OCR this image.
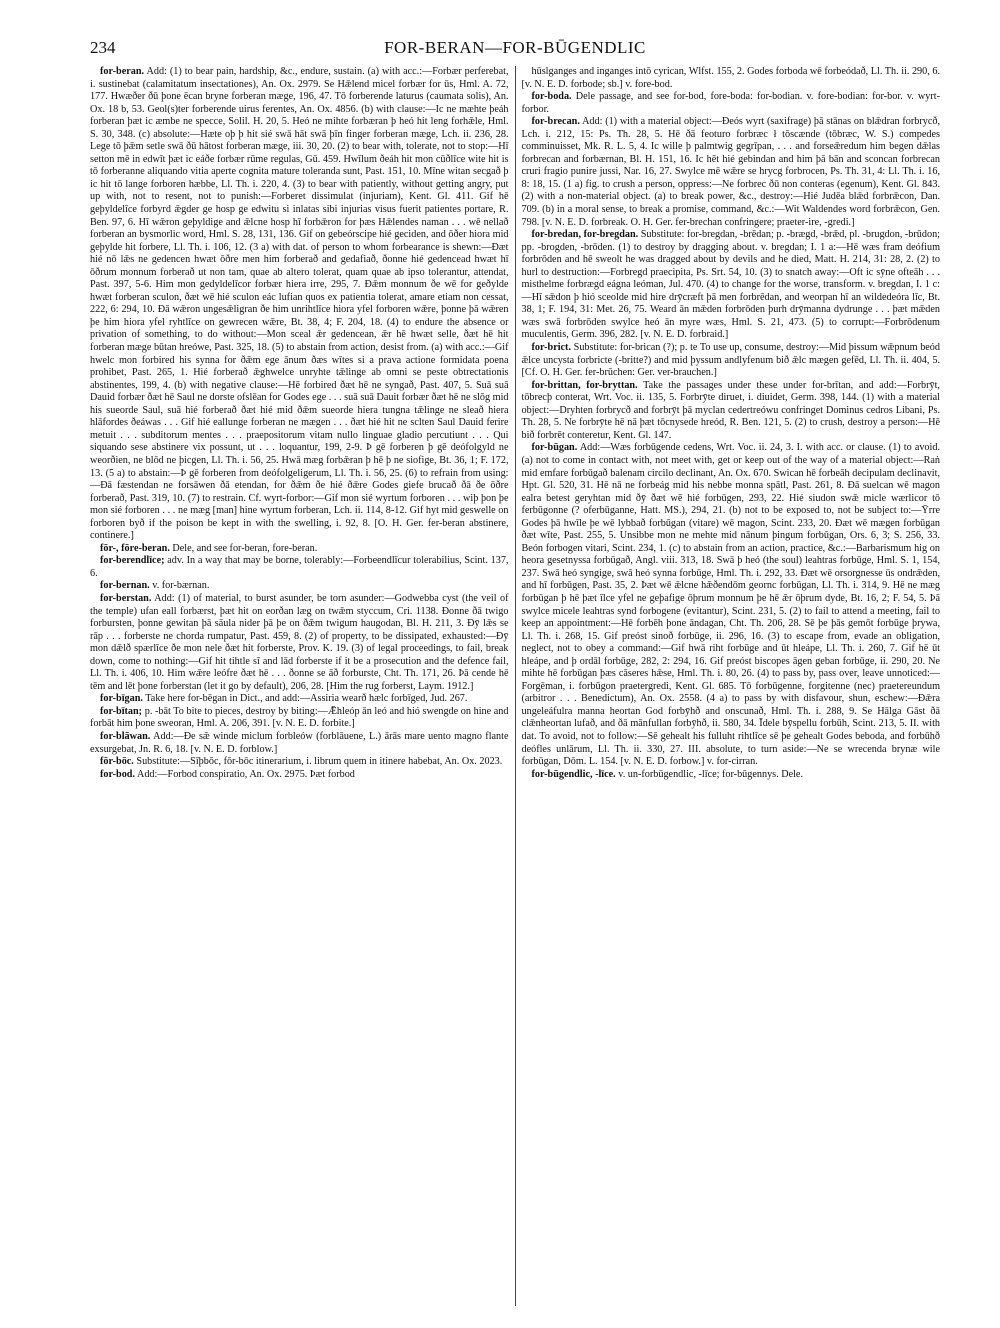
234	FOR-BERAN—FOR-BŪGENDLIC

for-beran. Add: (1) to bear pain, hardship, &c., endure, sustain. (a) with acc.:—Forbær perferebat, i. sustinebat (calamitatum insectationes), An. Ox. 2979. Se Hǣlend micel forbær for ūs, Hml. A. 72, 177. Hwæðer ðū þone ēcan bryne forberan mæge, 196, 47. Tō forberende laturus (caumata solis), An. Ox. 18 b, 53. Geol(s)ter forberende uirus ferentes, An. Ox. 4856. (b) with clause:—Ic ne mæhte þeáh forberan þæt ic æmbe ne specce, Solil. H. 20, 5. Heó ne mihte forbæran þ heó hit leng forhǣle, Hml. S. 30, 348. (c) absolute:—Hæte oþ þ hit sié swā hāt swā þīn finger forberan mæge, Lch. ii. 236, 28. Lege tō þǣm setle swā ðū hātost forberan mæge, iii. 30, 20. (2) to bear with, tolerate, not to stop:—Hī setton mē in edwīt þæt ic eáðe forbær rūme regulas, Gū. 459. Hwīlum ðeáh hit mon cūðlīce wite hit is tō forberanne aliquando vitia aperte cognita mature toleranda sunt, Past. 151, 10. Mīne witan secgað þ ic hit tō lange forboren hæbbe, Ll. Th. i. 220, 4. (3) to bear with patiently, without getting angry, put up with, not to resent, not to punish:—Forberet dissimulat (injuriam), Kent. Gl. 411. Gif hē geþyldelīce forbyrd ǣgder ge hosp ge edwitu si inlatas sibi injurias visus fuerit patientes portare, R. Ben. 97, 6. Hī wǣron geþyldige and ǣlcne hosp hī forbǣron for þæs Hǣlendes naman . . . wē nellað forberan an bysmorlic word, Hml. S. 28, 131, 136. Gif on gebeórscipe hié geciden, and ōðer hiora mid geþylde hit forbere, Ll. Th. i. 106, 12. (3 a) with dat. of person to whom forbearance is shewn:—Ðæt hié nō lǣs ne gedencen hwæt ōðre men him forberað and gedafiað, ðonne hié gedencead hwæt hī ōðrum monnum forberað ut non tam, quae ab altero tolerat, quam quae ab ipso tolerantur, attendat, Past. 397, 5-6. Him mon gedyldelīcor forbær hiera irre, 295, 7. Ðǣm monnum ðe wē for geðylde hwæt forberan sculon, ðæt wē hié sculon eác lufian quos ex patientia tolerat, amare etiam non cessat, 222, 6: 294, 10. Ðā wǣron ungesǣligran ðe him unrihtlīce hiora yfel forboren wǣre, þonne þā wǣren þe him hiora yfel ryhtlīce on gewrecen wǣre, Bt. 38, 4; F. 204, 18. (4) to endure the absence or privation of something, to do without:—Mon sceal ǣr gedencean, ǣr hē hwæt selle, ðæt hē hit forberan mæge būtan hreówe, Past. 325, 18. (5) to abstain from action, desist from. (a) with acc.:—Gif hwelc mon forbired his synna for ðǣm ege ānum ðæs wītes si a prava actione formidata poena prohibet, Past. 265, 1. Hié forberað ǣghwelce unryhte tǣlinge ab omni se peste obtrectationis abstinentes, 199, 4. (b) with negative clause:—Hē forbired ðæt hē ne syngað, Past. 407, 5. Suā suā Dauid forbær ðæt hē Saul ne dorste ofslēan for Godes ege . . . suā suā Dauit forbær ðæt hē ne slōg mid his sueorde Saul, suā hié forberað ðæt hié mid ðǣm sueorde hiera tungna tǣlinge ne sleað hiera hlāfordes ðeáwas . . . Gif hié eallunge forberan ne mægen . . . ðæt hié hit ne sclten Saul Dauid ferire metuit . . . subditorum mentes . . . praepositorum vitam nullo linguae gladio percutiunt . . . Qui siquando sese abstinere vix possunt, ut . . . loquantur, 199, 2-9. Þ gē forberen þ gē deófolgyld ne weorðien, ne blōd ne þicgen, Ll. Th. i. 56, 25. Hwā mæg forbǣran þ hē þ ne siofige, Bt. 36, 1; F. 172, 13. (5 a) to abstain:—Þ gē forberen from deófolgeligerum, Ll. Th. i. 56, 25. (6) to refrain from using:—Ðā fæstendan ne forsāwen ðā etendan, for ðǣm ðe hié ðǣre Godes giefe brucað ðā ðe ōðre forberað, Past. 319, 10. (7) to restrain. Cf. wyrt-forbor:—Gif mon sié wyrtum forboren . . . wiþ þon þe mon sié forboren . . . ne mæg [man] hine wyrtum forberan, Lch. ii. 114, 8-12. Gif hyt mid geswelle on forboren byð if the poison be kept in with the swelling, i. 92, 8. [O. H. Ger. fer-beran abstinere, continere.]

fōr-, fōre-beran. Dele, and see for-beran, fore-beran.

for-berendlīce; adv. In a way that may be borne, tolerably:—Forbeendlīcur tolerabilius, Scint. 137, 6.

for-bernan. v. for-bærnan.

for-berstan. Add: (1) of material, to burst asunder, be torn asunder:—Godwebba cyst (the veil of the temple) ufan eall forbærst, þæt hit on eorðan læg on twǣm styccum, Cri. 1138. Ðonne ðā twigo forbursten, þonne gewitan þā sāula nider þā þe on ðǣm twigum haugodan, Bl. H. 211, 3. Ðȳ lǣs se rāp . . . forberste ne chorda rumpatur, Past. 459, 8. (2) of property, to be dissipated, exhausted:—Ðȳ mon dǣlð spærlīce ðe mon nele ðæt hit forberste, Prov. K. 19. (3) of legal proceedings, to fail, break down, come to nothing:—Gif hit tihtle sī and lād forberste if it be a prosecution and the defence fail, Ll. Th. i. 406, 10. Him wǣre leófre ðæt hē . . . ðonne se āð forburste, Cht. Th. 171, 26. Þā cende hē tēm and lēt þone forberstan (let it go by default), 206, 28. [Him the rug forberst, Laym. 1912.]

for-bīgan. Take here for-bēgan in Dict., and add:—Assiria wearð hælc forbīged, Jud. 267.

for-bītan; p. -bāt To bite to pieces, destroy by biting:—Ǣhleóp ān leó and hió swengde on hine and forbāt him þone sweoran, Hml. A. 206, 391. [v. N. E. D. forbite.]

for-blāwan. Add:—Ðe sǣ winde miclum forbleów (forblāuene, L.) ārās mare uento magno flante exsurgebat, Jn. R. 6, 18. [v. N. E. D. forblow.]

fōr-bōc. Substitute:—Sīþbōc, fōr-bōc itinerarium, i. librum quem in itinere habebat, An. Ox. 2023.

for-bod. Add:—Forbod conspiratio, An. Ox. 2975. Þæt forbod

hūslganges and inganges intō cyrican, Wlfst. 155, 2. Godes forboda wē forbeódað, Ll. Th. ii. 290, 6. [v. N. E. D. forbode; sb.] v. fore-bod.

for-boda. Dele passage, and see for-bod, fore-boda: for-bodian. v. fore-bodian: for-bor. v. wyrt-forbor.

for-brecan. Add: (1) with a material object:—Ðeós wyrt (saxifrage) þā stānas on blǣdran forbrycð, Lch. i. 212, 15: Ps. Th. 28, 5. Hē ðā feoturo forbræc ł tōscænde (tōbræc, W. S.) compedes comminuisset, Mk. R. L. 5, 4. Ic wille þ palmtwig gegrīpan, . . . and forseǣredum him begen dǣlas forbrecan and forbærnan, Bl. H. 151, 16. Ic hēt hié gebindan and him þā bān and sconcan forbrecan cruri fragio punire jussi, Nar. 16, 27. Swylce mē wǣre se hrycg forbrocen, Ps. Th. 31, 4: Ll. Th. i. 16, 8: 18, 15. (1 a) fig. to crush a person, oppress:—Ne forbrec ðū non conteras (egenum), Kent. Gl. 843. (2) with a non-material object. (a) to break power, &c., destroy:—Hié Judēa blǣd forbrǣcon, Dan. 709. (b) in a moral sense, to break a promise, command, &c.:—Wit Waldendes word forbrǣcon, Gen. 798. [v. N. E. D. forbreak. O. H. Ger. fer-brechan confringere; praeter-ire, -gredi.]

for-bredan, for-bregdan. Substitute: for-bregdan, -brēdan; p. -brægd, -brǣd, pl. -brugdon, -brūdon; pp. -brogden, -brōden. (1) to destroy by dragging about. v. bregdan; I. 1 a:—Hē wæs fram deófium forbrōden and hē sweolt he was dragged about by devils and he died, Matt. H. 214, 31: 28, 2. (2) to hurl to destruction:—Forbregd praecipita, Ps. Srt. 54, 10. (3) to snatch away:—Oft ic sȳne ofteāh . . . misthelme forbrægd eágna leóman, Jul. 470. (4) to change for the worse, transform. v. bregdan, I. 1 c:—Hī sǣdon þ hió sceolde mid hire drȳcræft þā men forbrēdan, and weorpan hī an wildedeóra līc, Bt. 38, 1; F. 194, 31: Met. 26, 75. Weard ān mǣden forbrōden þurh drȳmanna dydrunge . . . þæt mǣden wæs swā forbrōden swylce heó ān myre wæs, Hml. S. 21, 473. (5) to corrupt:—Forbrōdenum muculentis, Germ. 396, 282. [v. N. E. D. forbraid.]

for-brict. Substitute: for-brican (?); p. te To use up, consume, destroy:—Mid þissum wǣpnum beód ǣlce uncysta forbricte (-britte?) and mid þyssum andlyfenum bið ǣlc mægen gefēd, Ll. Th. ii. 404, 5. [Cf. O. H. Ger. fer-brūchen: Ger. ver-brauchen.]

for-brittan, for-bryttan. Take the passages under these under for-brītan, and add:—Forbrȳt, tōbrecþ conterat, Wrt. Voc. ii. 135, 5. Forbrȳte diruet, i. diuidet, Germ. 398, 144. (1) with a material object:—Dryhten forbrycð and forbrȳt þā myclan cedertreówu confringet Dominus cedros Libani, Ps. Th. 28, 5. Ne forbrȳte hē nā þæt tōcnysede hreód, R. Ben. 121, 5. (2) to crush, destroy a person:—Hē bið forbrēt conteretur, Kent. Gl. 147.

for-būgan. Add:—Wæs forbūgende cedens, Wrt. Voc. ii. 24, 3. I. with acc. or clause. (1) to avoid. (a) not to come in contact with, not meet with, get or keep out of the way of a material object:—Raṅ mid emfare forbūgað balenam circilo declinant, An. Ox. 670. Swican hē forbeāh decipulam declinavit, Hpt. Gl. 520, 31. Hē nā ne forbeág mid his nebbe monna spātl, Past. 261, 8. Ðā suelcan wē magon ealra betest geryhtan mid ðȳ ðæt wē hié forbūgen, 293, 22. Hié siudon swǣ micle wærlicor tō ferbūgonne (? oferbūganne, Hatt. MS.), 294, 21. (b) not to be exposed to, not be subject to:—Ȳrre Godes þā hwīle þe wē lybbað forbūgan (vitare) wē magon, Scint. 233, 20. Ðæt wē mægen forbūgan ðæt wīte, Past. 255, 5. Unsibbe mon ne mehte mid nānum þingum forbūgan, Ors. 6, 3; S. 256, 33. Beón forbogen vitari, Scint. 234, 1. (c) to abstain from an action, practice, &c.:—Barbarismum hig on heora gesetnyssa forbūgað, Angl. viii. 313, 18. Swā þ heó (the soul) leahtras forbūge, Hml. S. 1, 154, 237. Swā heó syngige, swā heó synna forbūge, Hml. Th. i. 292, 33. Ðæt wē orsorgnesse ūs ondrǣden, and hī forbūgen, Past. 35, 2. Þæt wē ǣlcne hǣðendōm geornc forbūgan, Ll. Th. i. 314, 9. Hē ne mæg forbūgan þ hē þæt īlce yfel ne geþafige ōþrum monnum þe hē ǣr ōþrum dyde, Bt. 16, 2; F. 54, 5. Þā swylce micele leahtras synd forbogene (evitantur), Scint. 231, 5. (2) to fail to attend a meeting, fail to keep an appointment:—Hē forbēh þone āndagan, Cht. Th. 206, 28. Sē þe þās gemōt forbūge þrywa, Ll. Th. i. 268, 15. Gif preóst sinoð forbūge, ii. 296, 16. (3) to escape from, evade an obligation, neglect, not to obey a command:—Gif hwā riht forbūge and ūt hleápe, Ll. Th. i. 260, 7. Gif hē ūt hleápe, and þ ordāl forbūge, 282, 2: 294, 16. Gif preóst biscopes āgen geban forbūge, ii. 290, 20. Ne mihte hē forbūgan þæs cāseres hǣse, Hml. Th. i. 80, 26. (4) to pass by, pass over, leave unnoticed:—Forgēman, i. forbūgon praetergredi, Kent. Gl. 685. Tō forbūgenne, forgitenne (nec) praetereundum (arbitror . . . Benedictum), An. Ox. 2558. (4 a) to pass by with disfavour, shun, eschew:—Ðǣra ungeleáfulra manna heortan God forbȳhð and onscunað, Hml. Th. i. 288, 9. Se Hālga Gāst ðā clǣnheortan lufað, and ðā mānfullan forbȳhð, ii. 580, 34. Īdele bȳspellu forbūh, Scint. 213, 5. II. with dat. To avoid, not to follow:—Sē gehealt his fulluht rihtlīce sē þe gehealt Godes beboda, and forbūhð deófles unlārum, Ll. Th. ii. 330, 27. III. absolute, to turn aside:—Ne se wrecenda brynæ wile forbūgan, Dōm. L. 154. [v. N. E. D. forbow.] v. for-cirran.

for-būgendlic, -līce. v. un-forbūgendlic, -līce; for-būgennys. Dele.
